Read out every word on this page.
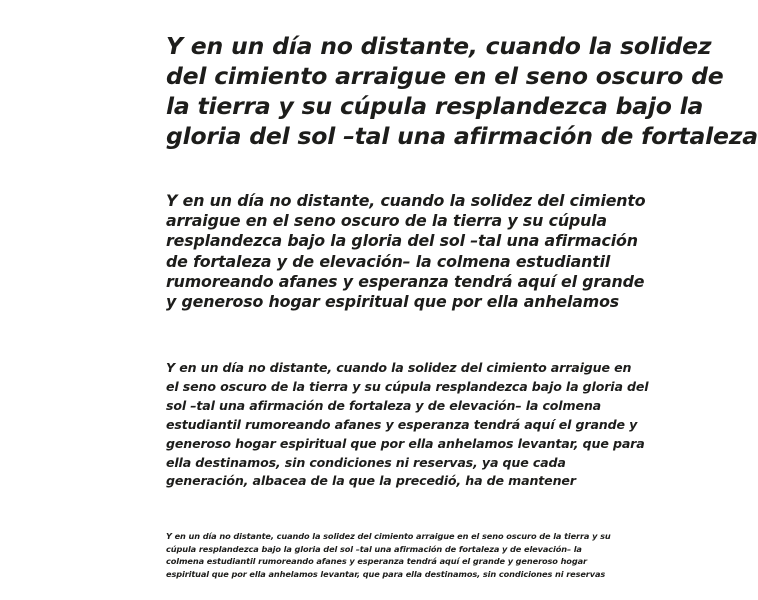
Y en un día no distante, cuando la solidez
del cimiento arraigue en el seno oscuro de
la tierra y su cúpula resplandezca bajo la
gloria del sol –tal una afirmación de fortaleza
Y en un día no distante, cuando la solidez del cimiento
arraigue en el seno oscuro de la tierra y su cúpula
resplandezca bajo la gloria del sol –tal una afirmación
de fortaleza y de elevación– la colmena estudiantil
rumoreando afanes y esperanza tendrá aquí el grande
y generoso hogar espiritual que por ella anhelamos
Y en un día no distante, cuando la solidez del cimiento arraigue en
el seno oscuro de la tierra y su cúpula resplandezca bajo la gloria del
sol –tal una afirmación de fortaleza y de elevación– la colmena
estudiantil rumoreando afanes y esperanza tendrá aquí el grande y
generoso hogar espiritual que por ella anhelamos levantar, que para
ella destinamos, sin condiciones ni reservas, ya que cada
generación, albacea de la que la precedió, ha de mantener
Y en un día no distante, cuando la solidez del cimiento arraigue en el seno oscuro de la tierra y su
cúpula resplandezca bajo la gloria del sol –tal una afirmación de fortaleza y de elevación– la
colmena estudiantil rumoreando afanes y esperanza tendrá aquí el grande y generoso hogar
espiritual que por ella anhelamos levantar, que para ella destinamos, sin condiciones ni reservas
